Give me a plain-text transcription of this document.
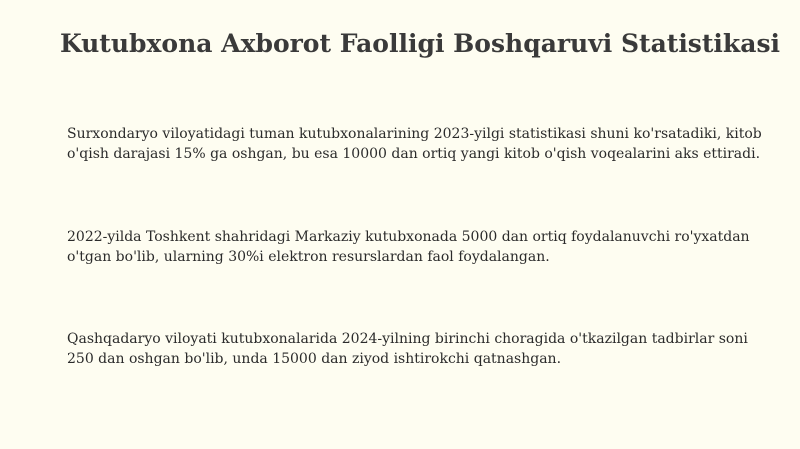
Kutubxona Axborot Faolligi Boshqaruvi Statistikasi

Surxondaryo viloyatidagi tuman kutubxonalarining 2023-yilgi statistikasi shuni ko'rsatadiki, kitob o'qish darajasi 15% ga oshgan, bu esa 10000 dan ortiq yangi kitob o'qish voqealarini aks ettiradi.

2022-yilda Toshkent shahridagi Markaziy kutubxonada 5000 dan ortiq foydalanuvchi ro'yxatdan o'tgan bo'lib, ularning 30%i elektron resurslardan faol foydalangan.

Qashqadaryo viloyati kutubxonalarida 2024-yilning birinchi choragida o'tkazilgan tadbirlar soni 250 dan oshgan bo'lib, unda 15000 dan ziyod ishtirokchi qatnashgan.
